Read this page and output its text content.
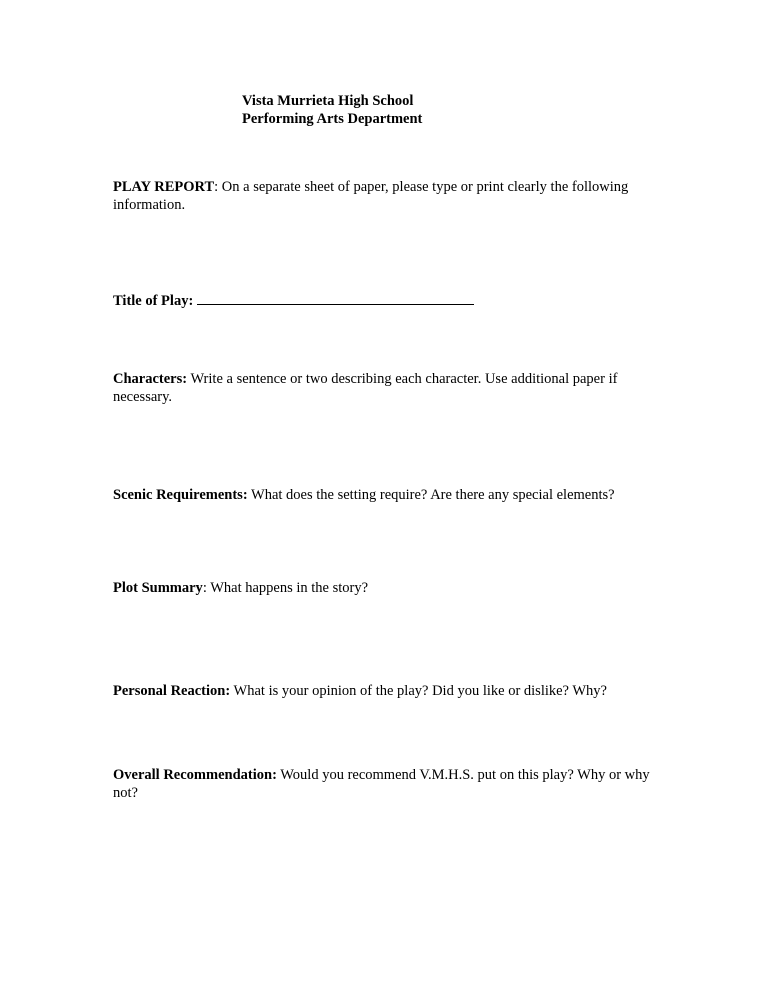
Vista Murrieta High School
Performing Arts Department
PLAY REPORT: On a separate sheet of paper, please type or print clearly the following information.
Title of Play:
Characters: Write a sentence or two describing each character. Use additional paper if necessary.
Scenic Requirements: What does the setting require? Are there any special elements?
Plot Summary: What happens in the story?
Personal Reaction: What is your opinion of the play? Did you like or dislike? Why?
Overall Recommendation: Would you recommend V.M.H.S. put on this play? Why or why not?
